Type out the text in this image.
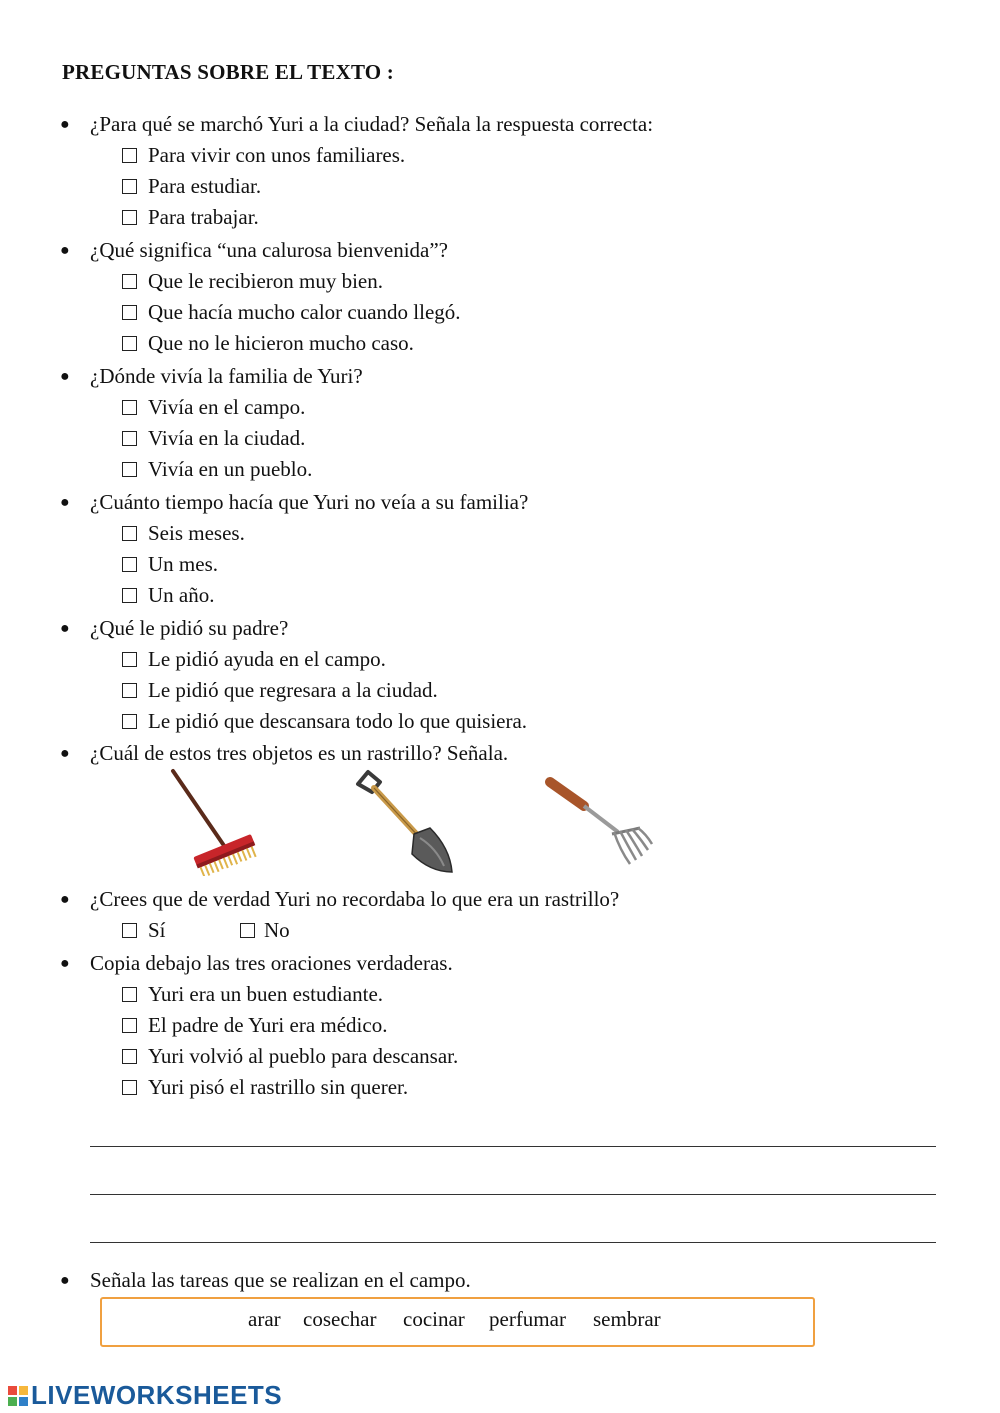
PREGUNTAS SOBRE EL TEXTO :
● ¿Para qué se marchó Yuri a la ciudad? Señala la respuesta correcta:
Para vivir con unos familiares.
Para estudiar.
Para trabajar.
● ¿Qué significa “una calurosa bienvenida”?
Que le recibieron muy bien.
Que hacía mucho calor cuando llegó.
Que no le hicieron mucho caso.
● ¿Dónde vivía la familia de Yuri?
Vivía en el campo.
Vivía en la ciudad.
Vivía en un pueblo.
● ¿Cuánto tiempo hacía que Yuri no veía a su familia?
Seis meses.
Un mes.
Un año.
● ¿Qué le pidió su padre?
Le pidió ayuda en el campo.
Le pidió que regresara a la ciudad.
Le pidió que descansara todo lo que quisiera.
● ¿Cuál de estos tres objetos es un rastrillo? Señala.
● ¿Crees que de verdad Yuri no recordaba lo que era un rastrillo?
Sí	No
● Copia debajo las tres oraciones verdaderas.
Yuri era un buen estudiante.
El padre de Yuri era médico.
Yuri volvió al pueblo para descansar.
Yuri pisó el rastrillo sin querer.
● Señala las tareas que se realizan en el campo.
arar cosechar cocinar perfumar sembrar
LIVEWORKSHEETS
